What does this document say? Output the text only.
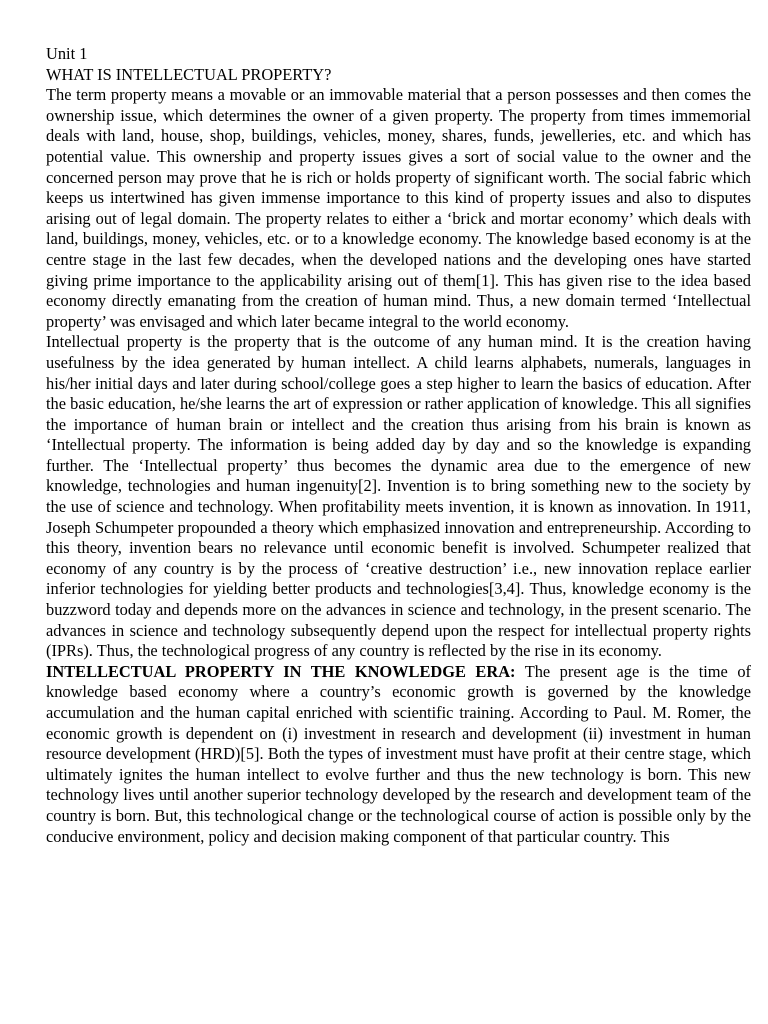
Unit 1

WHAT IS INTELLECTUAL PROPERTY?

The term property means a movable or an immovable material that a person possesses and then comes the ownership issue, which determines the owner of a given property. The property from times immemorial deals with land, house, shop, buildings, vehicles, money, shares, funds, jewelleries, etc. and which has potential value. This ownership and property issues gives a sort of social value to the owner and the concerned person may prove that he is rich or holds property of significant worth. The social fabric which keeps us intertwined has given immense importance to this kind of property issues and also to disputes arising out of legal domain. The property relates to either a ‘brick and mortar economy’ which deals with land, buildings, money, vehicles, etc. or to a knowledge economy. The knowledge based economy is at the centre stage in the last few decades, when the developed nations and the developing ones have started giving prime importance to the applicability arising out of them[1]. This has given rise to the idea based economy directly emanating from the creation of human mind. Thus, a new domain termed ‘Intellectual property’ was envisaged and which later became integral to the world economy.

Intellectual property is the property that is the outcome of any human mind. It is the creation having usefulness by the idea generated by human intellect. A child learns alphabets, numerals, languages in his/her initial days and later during school/college goes a step higher to learn the basics of education. After the basic education, he/she learns the art of expression or rather application of knowledge. This all signifies the importance of human brain or intellect and the creation thus arising from his brain is known as ‘Intellectual property. The information is being added day by day and so the knowledge is expanding further. The ‘Intellectual property’ thus becomes the dynamic area due to the emergence of new knowledge, technologies and human ingenuity[2]. Invention is to bring something new to the society by the use of science and technology. When profitability meets invention, it is known as innovation. In 1911, Joseph Schumpeter propounded a theory which emphasized innovation and entrepreneurship. According to this theory, invention bears no relevance until economic benefit is involved. Schumpeter realized that economy of any country is by the process of ‘creative destruction’ i.e., new innovation replace earlier inferior technologies for yielding better products and technologies[3,4]. Thus, knowledge economy is the buzzword today and depends more on the advances in science and technology, in the present scenario. The advances in science and technology subsequently depend upon the respect for intellectual property rights (IPRs). Thus, the technological progress of any country is reflected by the rise in its economy.

INTELLECTUAL PROPERTY IN THE KNOWLEDGE ERA: The present age is the time of knowledge based economy where a country’s economic growth is governed by the knowledge accumulation and the human capital enriched with scientific training. According to Paul. M. Romer, the economic growth is dependent on (i) investment in research and development (ii) investment in human resource development (HRD)[5]. Both the types of investment must have profit at their centre stage, which ultimately ignites the human intellect to evolve further and thus the new technology is born. This new technology lives until another superior technology developed by the research and development team of the country is born. But, this technological change or the technological course of action is possible only by the conducive environment, policy and decision making component of that particular country. This
